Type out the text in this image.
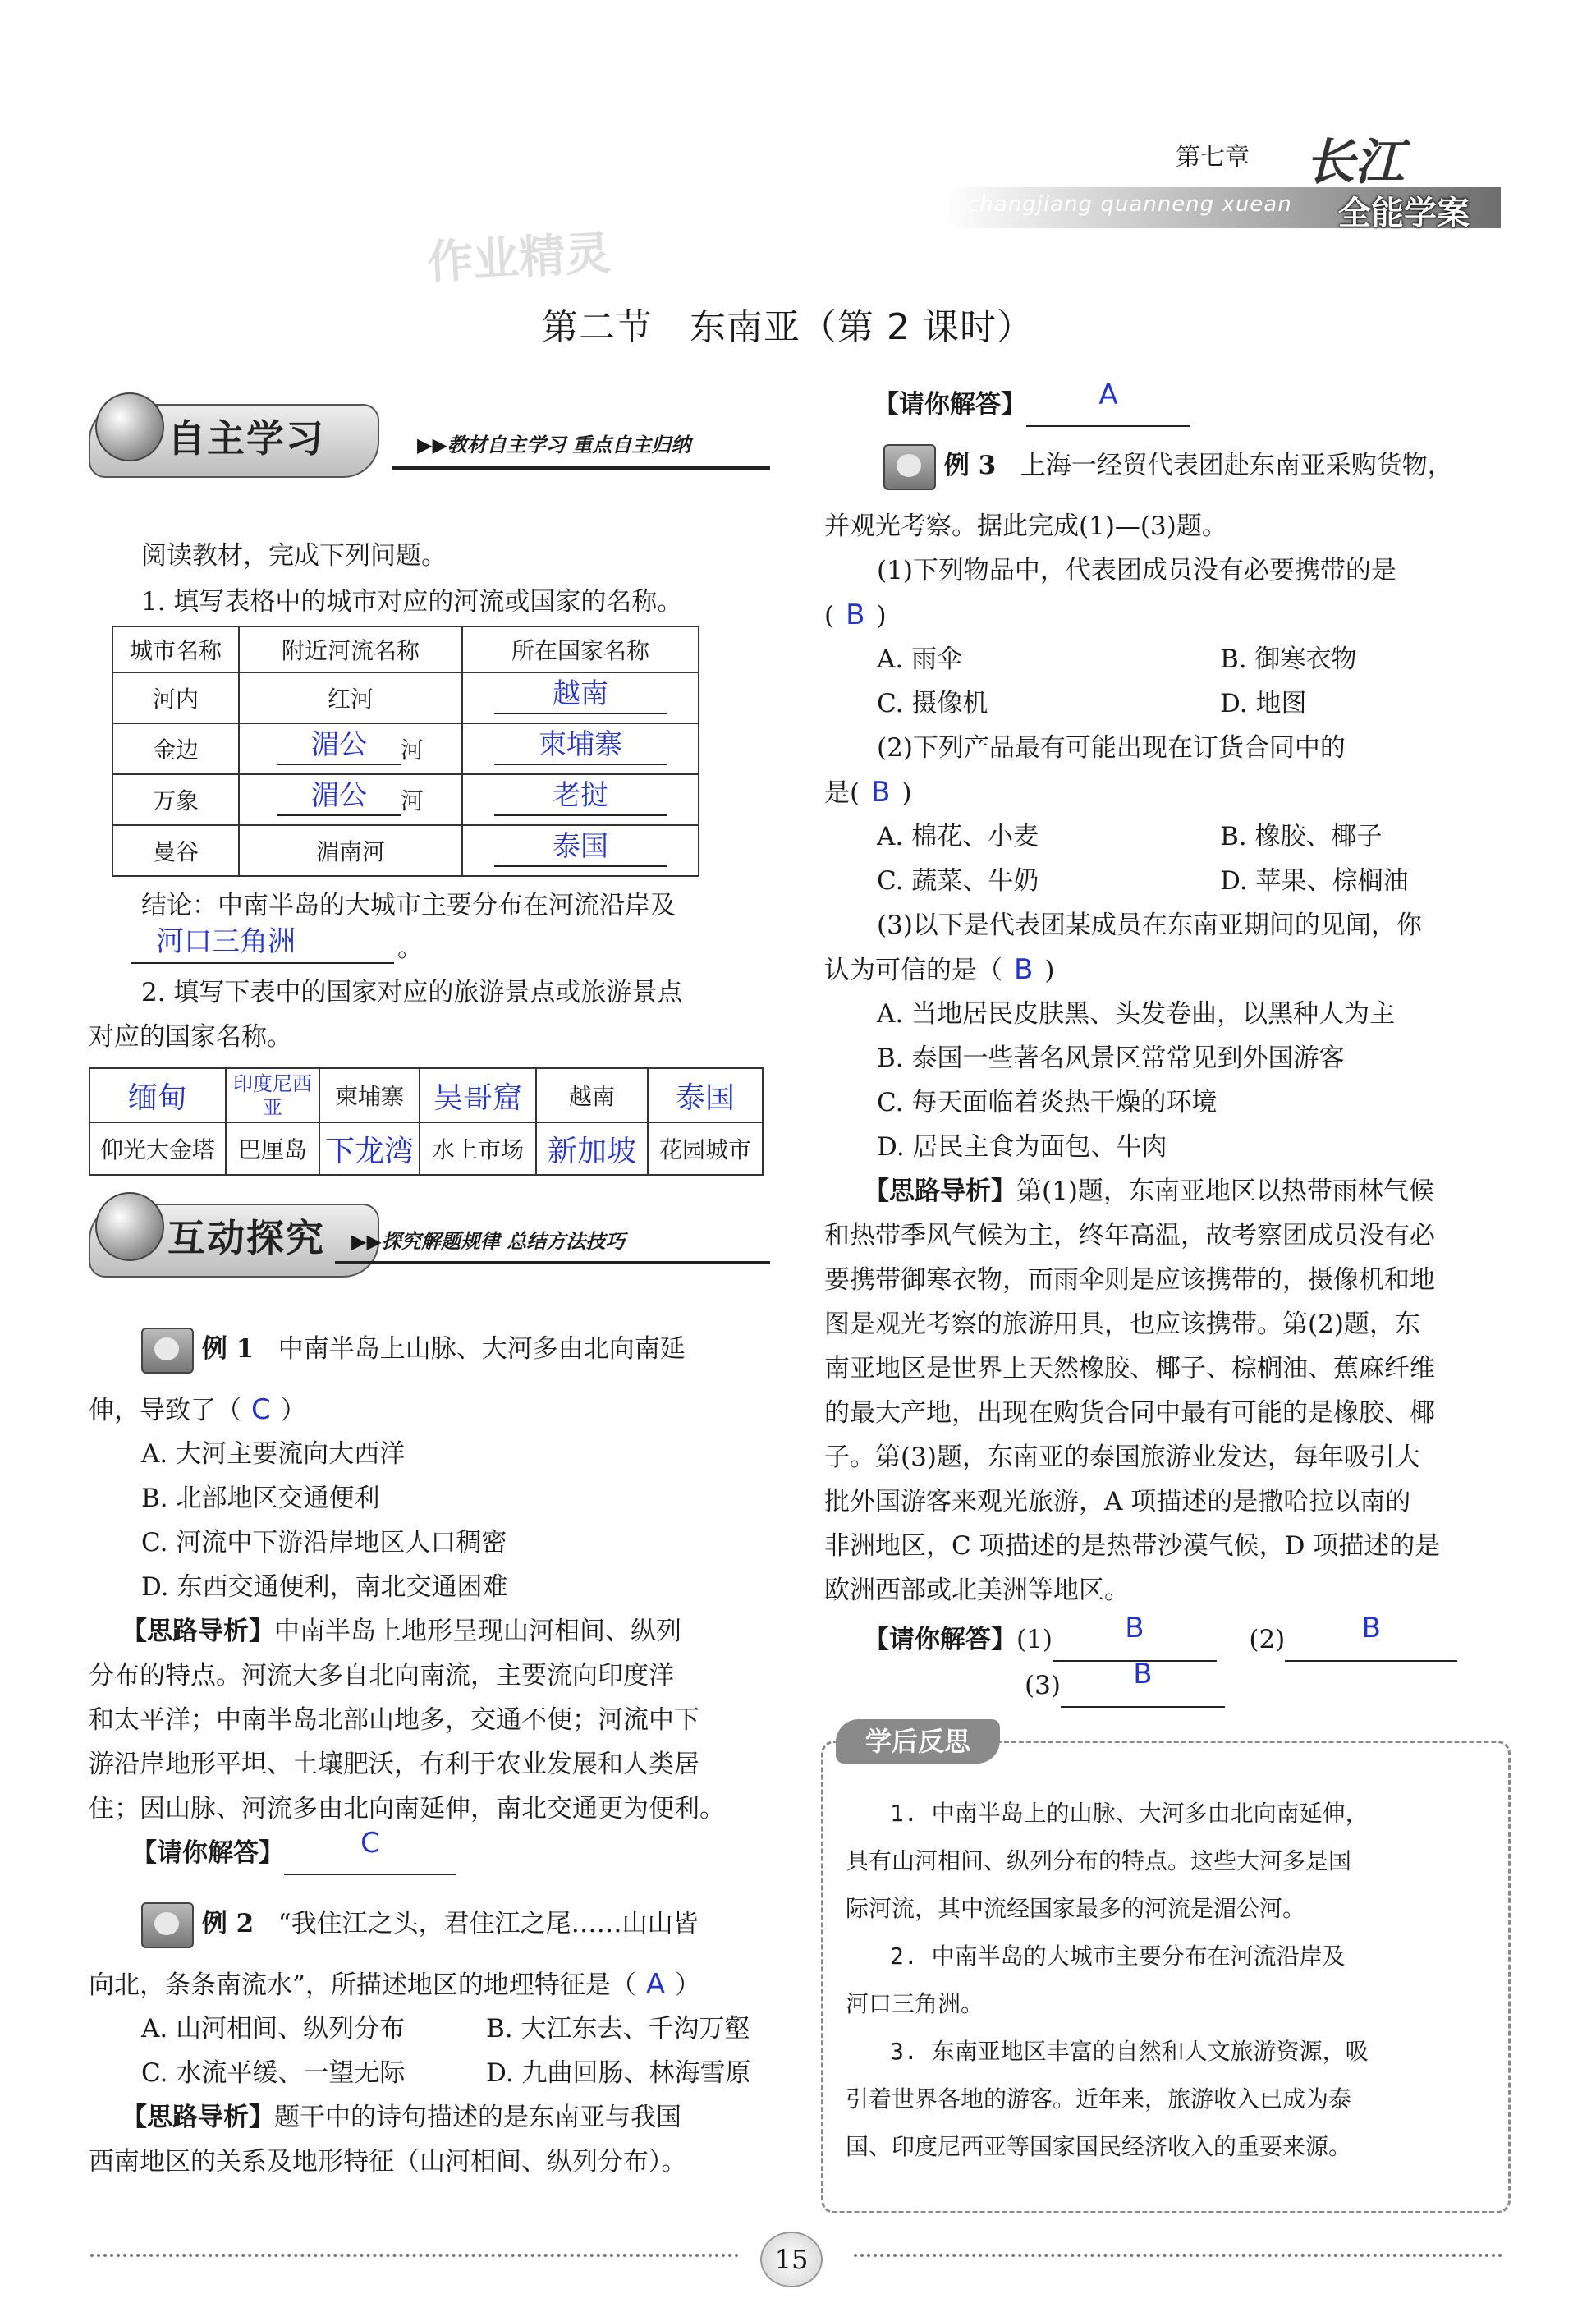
第七章
changjiang quanneng xuean
长江
全能学案
作业精灵
第二节　东南亚（第 2 课时）
自主学习	▶▶教材自主学习 重点自主归纳
阅读教材，完成下列问题。
1. 填写表格中的城市对应的河流或国家的名称。
城市名称	附近河流名称	所在国家名称
河内	红河	越南

金边	湄公 河	柬埔寨

万象	湄公 河	老挝

曼谷	湄南河	泰国
结论：中南半岛的大城市主要分布在河流沿岸及
河口三角洲	。
2. 填写下表中的国家对应的旅游景点或旅游景点
对应的国家名称。
缅甸	印度尼西亚	柬埔寨	吴哥窟	越南	泰国
仰光大金塔	巴厘岛	下龙湾	水上市场	新加坡	花园城市
互动探究 ▶▶探究解题规律 总结方法技巧
例 1 中南半岛上山脉、大河多由北向南延
伸，导致了（ C ）
A. 大河主要流向大西洋
B. 北部地区交通便利
C. 河流中下游沿岸地区人口稠密
D. 东西交通便利，南北交通困难
【思路导析】中南半岛上地形呈现山河相间、纵列
分布的特点。河流大多自北向南流，主要流向印度洋
和太平洋；中南半岛北部山地多，交通不便；河流中下
游沿岸地形平坦、土壤肥沃，有利于农业发展和人类居
住；因山脉、河流多由北向南延伸，南北交通更为便利。
【请你解答】	C
例 2 “我住江之头，君住江之尾……山山皆
向北，条条南流水”，所描述地区的地理特征是（ A ）
A. 山河相间、纵列分布	B. 大江东去、千沟万壑
C. 水流平缓、一望无际	D. 九曲回肠、林海雪原
【思路导析】题干中的诗句描述的是东南亚与我国
西南地区的关系及地形特征（山河相间、纵列分布）。
【请你解答】	A
例 3 上海一经贸代表团赴东南亚采购货物，
并观光考察。据此完成(1)—(3)题。
(1)下列物品中，代表团成员没有必要携带的是
( B )
A. 雨伞	B. 御寒衣物
C. 摄像机	D. 地图
(2)下列产品最有可能出现在订货合同中的
是( B )
A. 棉花、小麦	B. 橡胶、椰子
C. 蔬菜、牛奶	D. 苹果、棕榈油
(3)以下是代表团某成员在东南亚期间的见闻，你
认为可信的是（ B )
A. 当地居民皮肤黑、头发卷曲，以黑种人为主
B. 泰国一些著名风景区常常见到外国游客
C. 每天面临着炎热干燥的环境
D. 居民主食为面包、牛肉
【思路导析】第(1)题，东南亚地区以热带雨林气候
和热带季风气候为主，终年高温，故考察团成员没有必
要携带御寒衣物，而雨伞则是应该携带的，摄像机和地
图是观光考察的旅游用具，也应该携带。第(2)题，东
南亚地区是世界上天然橡胶、椰子、棕榈油、蕉麻纤维
的最大产地，出现在购货合同中最有可能的是橡胶、椰
子。第(3)题，东南亚的泰国旅游业发达，每年吸引大
批外国游客来观光旅游，A 项描述的是撒哈拉以南的
非洲地区，C 项描述的是热带沙漠气候，D 项描述的是
欧洲西部或北美洲等地区。
【请你解答】(1)	B	(2)	B
(3)	B
学后反思
1. 中南半岛上的山脉、大河多由北向南延伸，
具有山河相间、纵列分布的特点。这些大河多是国
际河流，其中流经国家最多的河流是湄公河。
2. 中南半岛的大城市主要分布在河流沿岸及
河口三角洲。
3. 东南亚地区丰富的自然和人文旅游资源，吸
引着世界各地的游客。近年来，旅游收入已成为泰
国、印度尼西亚等国家国民经济收入的重要来源。
15
